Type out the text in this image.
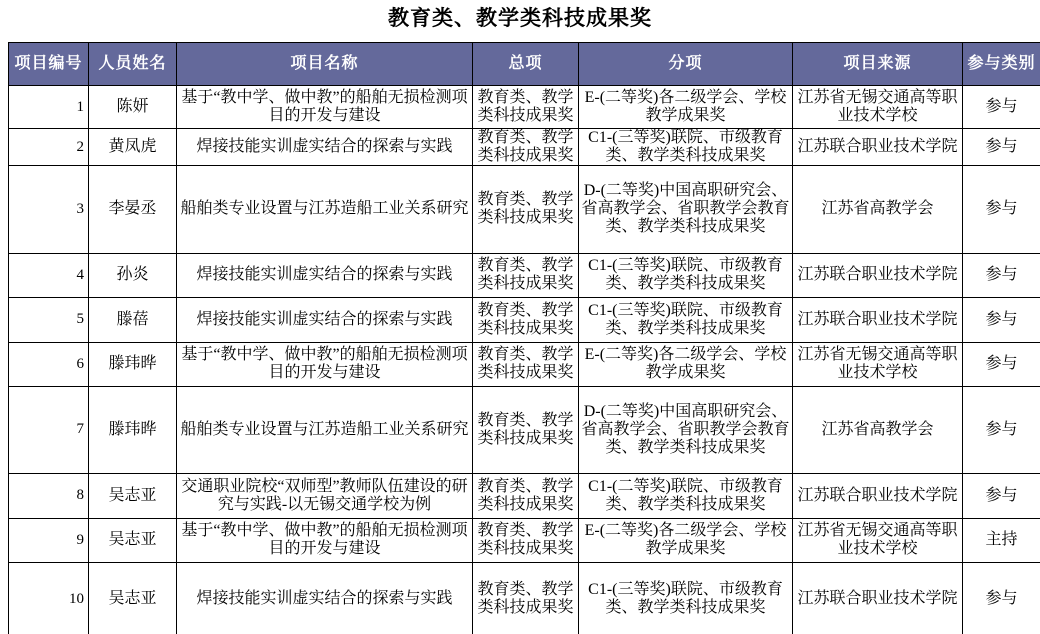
教育类、教学类科技成果奖
项目编号	人员姓名	项目名称	总项	分项	项目来源	参与类别
1	陈妍	基于“教中学、做中教”的船舶无损检测项目的开发与建设	教育类、教学类科技成果奖	E-(二等奖)各二级学会、学校教学成果奖	江苏省无锡交通高等职业技术学校	参与
2	黄凤虎	焊接技能实训虚实结合的探索与实践	教育类、教学类科技成果奖	C1-(三等奖)联院、市级教育类、教学类科技成果奖	江苏联合职业技术学院	参与
3	李晏丞	船舶类专业设置与江苏造船工业关系研究	教育类、教学类科技成果奖	D-(二等奖)中国高职研究会、省高教学会、省职教学会教育类、教学类科技成果奖	江苏省高教学会	参与
4	孙炎	焊接技能实训虚实结合的探索与实践	教育类、教学类科技成果奖	C1-(三等奖)联院、市级教育类、教学类科技成果奖	江苏联合职业技术学院	参与
5	滕蓓	焊接技能实训虚实结合的探索与实践	教育类、教学类科技成果奖	C1-(三等奖)联院、市级教育类、教学类科技成果奖	江苏联合职业技术学院	参与
6	滕玮晔	基于“教中学、做中教”的船舶无损检测项目的开发与建设	教育类、教学类科技成果奖	E-(二等奖)各二级学会、学校教学成果奖	江苏省无锡交通高等职业技术学校	参与
7	滕玮晔	船舶类专业设置与江苏造船工业关系研究	教育类、教学类科技成果奖	D-(二等奖)中国高职研究会、省高教学会、省职教学会教育类、教学类科技成果奖	江苏省高教学会	参与
8	吴志亚	交通职业院校“双师型”教师队伍建设的研究与实践-以无锡交通学校为例	教育类、教学类科技成果奖	C1-(二等奖)联院、市级教育类、教学类科技成果奖	江苏联合职业技术学院	参与
9	吴志亚	基于“教中学、做中教”的船舶无损检测项目的开发与建设	教育类、教学类科技成果奖	E-(二等奖)各二级学会、学校教学成果奖	江苏省无锡交通高等职业技术学校	主持
10	吴志亚	焊接技能实训虚实结合的探索与实践	教育类、教学类科技成果奖	C1-(三等奖)联院、市级教育类、教学类科技成果奖	江苏联合职业技术学院	参与
